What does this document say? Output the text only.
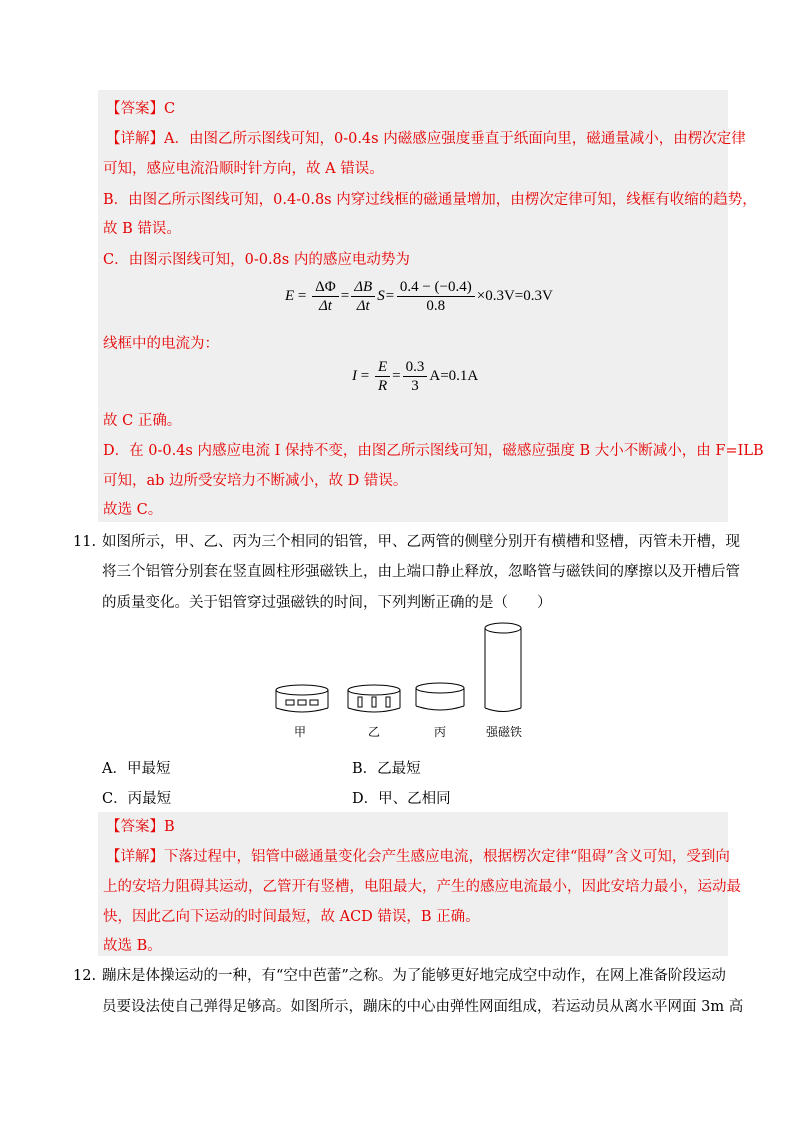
【答案】C
【详解】A．由图乙所示图线可知，0-0.4s 内磁感应强度垂直于纸面向里，磁通量减小，由楞次定律
可知，感应电流沿顺时针方向，故 A 错误。
B．由图乙所示图线可知，0.4-0.8s 内穿过线框的磁通量增加，由楞次定律可知，线框有收缩的趋势，
故 B 错误。
C．由图示图线可知，0-0.8s 内的感应电动势为
$E = \frac{\Delta\Phi}{\Delta t} = \frac{\Delta B}{\Delta t} S= \frac{0.4 - (-0.4)}{0.8} \times 0.3V=0.3V$
线框中的电流为：
$I = \frac{E}{R} = \frac{0.3}{3} A=0.1A$
故 C 正确。
D．在 0-0.4s 内感应电流 I 保持不变，由图乙所示图线可知，磁感应强度 B 大小不断减小，由 F=ILB
可知，ab 边所受安培力不断减小，故 D 错误。
故选 C。
11. 如图所示，甲、乙、丙为三个相同的铝管，甲、乙两管的侧壁分别开有横槽和竖槽，丙管未开槽，现
将三个铝管分别套在竖直圆柱形强磁铁上，由上端口静止释放，忽略管与磁铁间的摩擦以及开槽后管
的质量变化。关于铝管穿过强磁铁的时间，下列判断正确的是（　　）
甲	乙	丙	强磁铁
A．甲最短	B．乙最短
C．丙最短	D．甲、乙相同
【答案】B
【详解】下落过程中，铝管中磁通量变化会产生感应电流，根据楞次定律“阻碍”含义可知，受到向
上的安培力阻碍其运动，乙管开有竖槽，电阻最大，产生的感应电流最小，因此安培力最小，运动最
快，因此乙向下运动的时间最短，故 ACD 错误，B 正确。
故选 B。
12. 蹦床是体操运动的一种，有“空中芭蕾”之称。为了能够更好地完成空中动作，在网上准备阶段运动
员要设法使自己弹得足够高。如图所示，蹦床的中心由弹性网面组成，若运动员从离水平网面 3m 高
